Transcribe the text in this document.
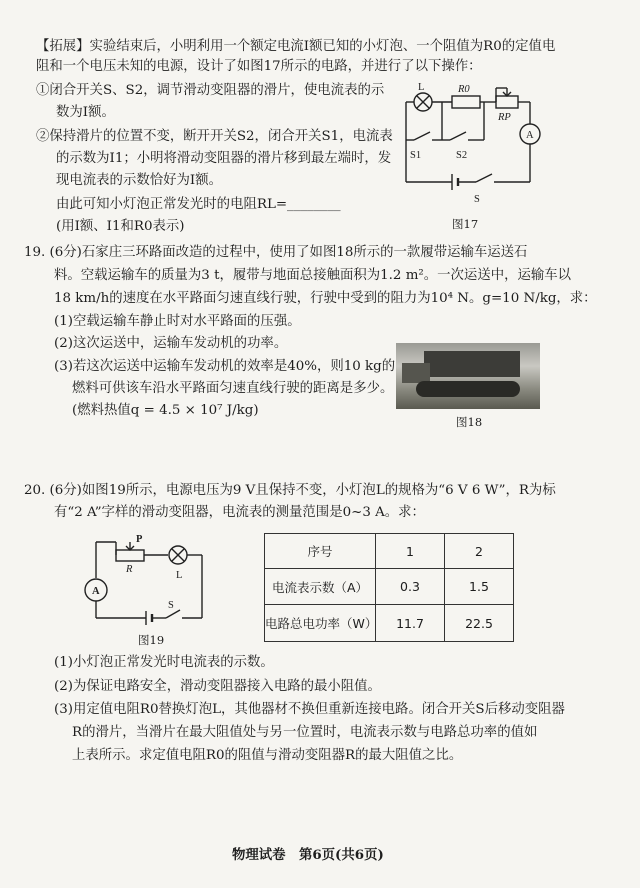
【拓展】实验结束后，小明利用一个额定电流I额已知的小灯泡、一个阻值为R0的定值电
阻和一个电压未知的电源，设计了如图17所示的电路，并进行了以下操作：
①闭合开关S、S2，调节滑动变阻器的滑片，使电流表的示
数为I额。
②保持滑片的位置不变，断开开关S2，闭合开关S1，电流表
的示数为I1；小明将滑动变阻器的滑片移到最左端时，发
现电流表的示数恰好为I额。
由此可知小灯泡正常发光时的电阻RL=________
(用I额、I1和R0表示)
L	R0
RP
A
S1	S2
S
图17
19. (6分)石家庄三环路面改造的过程中，使用了如图18所示的一款履带运输车运送石
料。空载运输车的质量为3 t，履带与地面总接触面积为1.2 m²。一次运送中，运输车以
18 km/h的速度在水平路面匀速直线行驶，行驶中受到的阻力为10⁴ N。g=10 N/kg，求：
(1)空载运输车静止时对水平路面的压强。
(2)这次运送中，运输车发动机的功率。
(3)若这次运送中运输车发动机的效率是40%，则10 kg的
燃料可供该车沿水平路面匀速直线行驶的距离是多少。
(燃料热值q = 4.5 × 10⁷ J/kg)
图18
20. (6分)如图19所示，电源电压为9 V且保持不变，小灯泡L的规格为“6 V 6 W”，R为标
有“2 A”字样的滑动变阻器，电流表的测量范围是0~3 A。求：
P
R
L
A
S
图19
序号	1	2
电流表示数（A）	0.3	1.5
电路总电功率（W）	11.7	22.5
(1)小灯泡正常发光时电流表的示数。
(2)为保证电路安全，滑动变阻器接入电路的最小阻值。
(3)用定值电阻R0替换灯泡L，其他器材不换但重新连接电路。闭合开关S后移动变阻器
R的滑片，当滑片在最大阻值处与另一位置时，电流表示数与电路总功率的值如
上表所示。求定值电阻R0的阻值与滑动变阻器R的最大阻值之比。
物理试卷　第6页(共6页)
